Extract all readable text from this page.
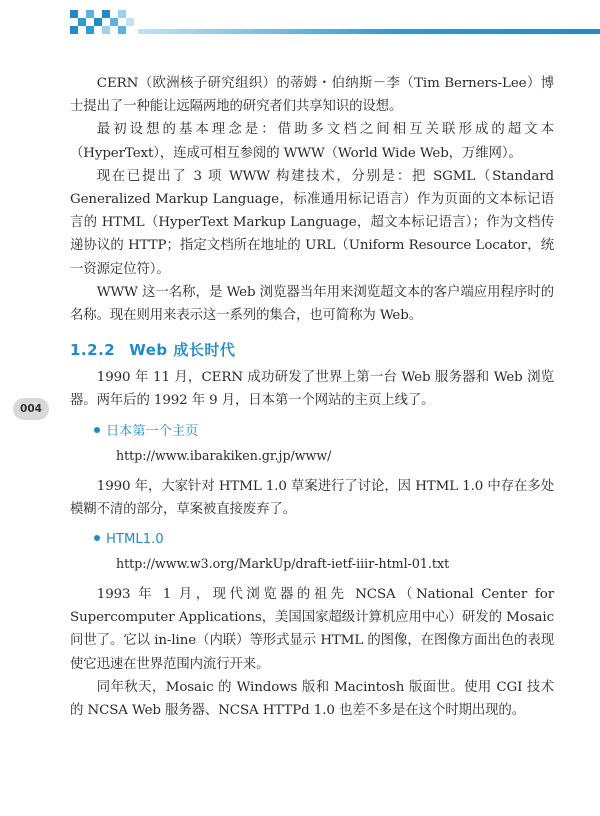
004

CERN（欧洲核子研究组织）的蒂姆・伯纳斯－李（Tim Berners-Lee）博士提出了一种能让远隔两地的研究者们共享知识的设想。

最初设想的基本理念是：借助多文档之间相互关联形成的超文本（HyperText），连成可相互参阅的 WWW（World Wide Web，万维网）。

现在已提出了 3 项 WWW 构建技术，分别是：把 SGML（Standard Generalized Markup Language，标准通用标记语言）作为页面的文本标记语言的 HTML（HyperText Markup Language，超文本标记语言）；作为文档传递协议的 HTTP；指定文档所在地址的 URL（Uniform Resource Locator，统一资源定位符）。

WWW 这一名称，是 Web 浏览器当年用来浏览超文本的客户端应用程序时的名称。现在则用来表示这一系列的集合，也可简称为 Web。

1.2.2 Web 成长时代

1990 年 11 月，CERN 成功研发了世界上第一台 Web 服务器和 Web 浏览器。两年后的 1992 年 9 月，日本第一个网站的主页上线了。

日本第一个主页
http://www.ibarakiken.gr.jp/www/

1990 年，大家针对 HTML 1.0 草案进行了讨论，因 HTML 1.0 中存在多处模糊不清的部分，草案被直接废弃了。

HTML1.0
http://www.w3.org/MarkUp/draft-ietf-iiir-html-01.txt

1993 年 1 月，现代浏览器的祖先 NCSA（National Center for Supercomputer Applications，美国国家超级计算机应用中心）研发的 Mosaic 问世了。它以 in-line（内联）等形式显示 HTML 的图像，在图像方面出色的表现使它迅速在世界范围内流行开来。

同年秋天，Mosaic 的 Windows 版和 Macintosh 版面世。使用 CGI 技术的 NCSA Web 服务器、NCSA HTTPd 1.0 也差不多是在这个时期出现的。
